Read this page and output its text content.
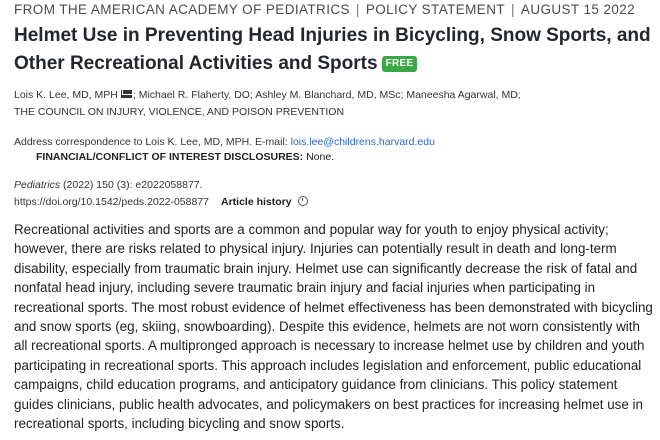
FROM THE AMERICAN ACADEMY OF PEDIATRICS | POLICY STATEMENT | AUGUST 15 2022
Helmet Use in Preventing Head Injuries in Bicycling, Snow Sports, and Other Recreational Activities and Sports FREE
Lois K. Lee, MD, MPH ; Michael R. Flaherty, DO; Ashley M. Blanchard, MD, MSc; Maneesha Agarwal, MD;
THE COUNCIL ON INJURY, VIOLENCE, AND POISON PREVENTION
Address correspondence to Lois K. Lee, MD, MPH. E-mail: lois.lee@childrens.harvard.edu
FINANCIAL/CONFLICT OF INTEREST DISCLOSURES: None.
Pediatrics (2022) 150 (3): e2022058877.
https://doi.org/10.1542/peds.2022-058877 Article history
Recreational activities and sports are a common and popular way for youth to enjoy physical activity; however, there are risks related to physical injury. Injuries can potentially result in death and long-term disability, especially from traumatic brain injury. Helmet use can significantly decrease the risk of fatal and nonfatal head injury, including severe traumatic brain injury and facial injuries when participating in recreational sports. The most robust evidence of helmet effectiveness has been demonstrated with bicycling and snow sports (eg, skiing, snowboarding). Despite this evidence, helmets are not worn consistently with all recreational sports. A multipronged approach is necessary to increase helmet use by children and youth participating in recreational sports. This approach includes legislation and enforcement, public educational campaigns, child education programs, and anticipatory guidance from clinicians. This policy statement guides clinicians, public health advocates, and policymakers on best practices for increasing helmet use in recreational sports, including bicycling and snow sports.
